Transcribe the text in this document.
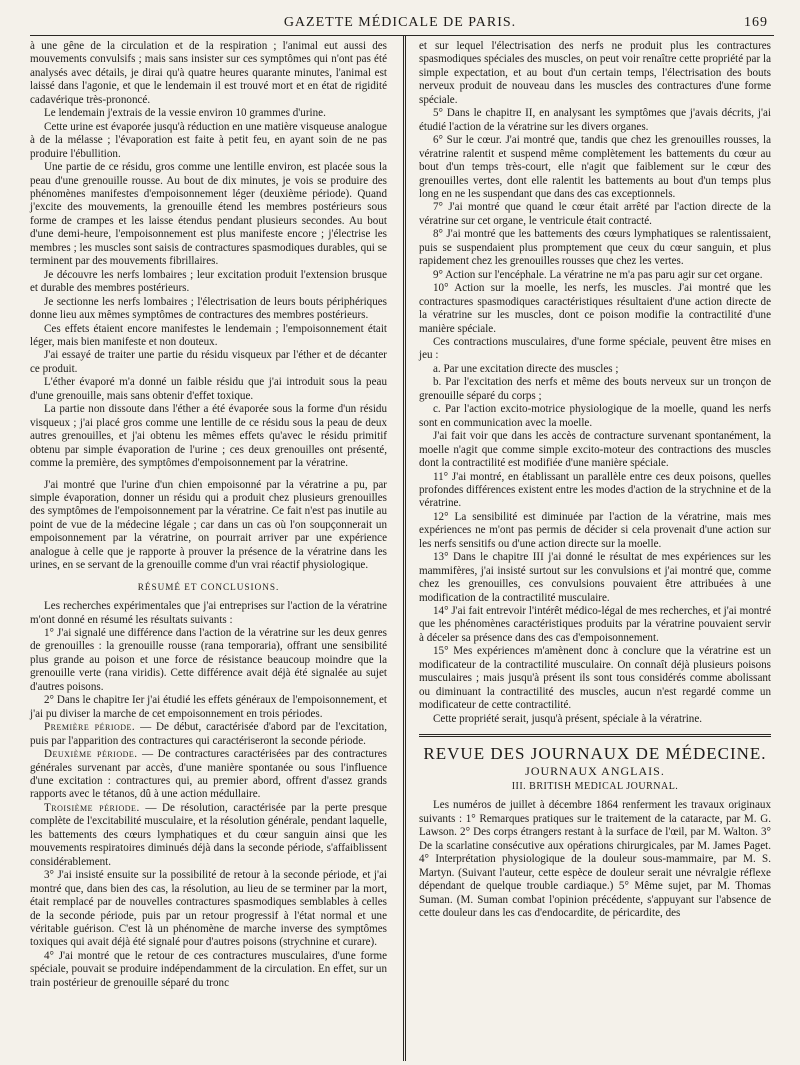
GAZETTE MÉDICALE DE PARIS.	169

à une gêne de la circulation et de la respiration ; l'animal eut aussi des mouvements convulsifs ; mais sans insister sur ces symptômes qui n'ont pas été analysés avec détails, je dirai qu'à quatre heures quarante minutes, l'animal est laissé dans l'agonie, et que le lendemain il est trouvé mort et en état de rigidité cadavérique très-prononcé.

Le lendemain j'extrais de la vessie environ 10 grammes d'urine.

Cette urine est évaporée jusqu'à réduction en une matière visqueuse analogue à de la mélasse ; l'évaporation est faite à petit feu, en ayant soin de ne pas produire l'ébullition.

Une partie de ce résidu, gros comme une lentille environ, est placée sous la peau d'une grenouille rousse. Au bout de dix minutes, je vois se produire des phénomènes manifestes d'empoisonnement léger (deuxième période). Quand j'excite des mouvements, la grenouille étend les membres postérieurs sous forme de crampes et les laisse étendus pendant plusieurs secondes. Au bout d'une demi-heure, l'empoisonnement est plus manifeste encore ; j'électrise les membres ; les muscles sont saisis de contractures spasmodiques durables, qui se terminent par des mouvements fibrillaires.

Je découvre les nerfs lombaires ; leur excitation produit l'extension brusque et durable des membres postérieurs.

Je sectionne les nerfs lombaires ; l'électrisation de leurs bouts périphériques donne lieu aux mêmes symptômes de contractures des membres postérieurs.

Ces effets étaient encore manifestes le lendemain ; l'empoisonnement était léger, mais bien manifeste et non douteux.

J'ai essayé de traiter une partie du résidu visqueux par l'éther et de décanter ce produit.

L'éther évaporé m'a donné un faible résidu que j'ai introduit sous la peau d'une grenouille, mais sans obtenir d'effet toxique.

La partie non dissoute dans l'éther a été évaporée sous la forme d'un résidu visqueux ; j'ai placé gros comme une lentille de ce résidu sous la peau de deux autres grenouilles, et j'ai obtenu les mêmes effets qu'avec le résidu primitif obtenu par simple évaporation de l'urine ; ces deux grenouilles ont présenté, comme la première, des symptômes d'empoisonnement par la vératrine.

J'ai montré que l'urine d'un chien empoisonné par la vératrine a pu, par simple évaporation, donner un résidu qui a produit chez plusieurs grenouilles des symptômes de l'empoisonnement par la vératrine. Ce fait n'est pas inutile au point de vue de la médecine légale ; car dans un cas où l'on soupçonnerait un empoisonnement par la vératrine, on pourrait arriver par une expérience analogue à celle que je rapporte à prouver la présence de la vératrine dans les urines, en se servant de la grenouille comme d'un vrai réactif physiologique.

RÉSUMÉ ET CONCLUSIONS.

Les recherches expérimentales que j'ai entreprises sur l'action de la vératrine m'ont donné en résumé les résultats suivants :

1° J'ai signalé une différence dans l'action de la vératrine sur les deux genres de grenouilles : la grenouille rousse (rana temporaria), offrant une sensibilité plus grande au poison et une force de résistance beaucoup moindre que la grenouille verte (rana viridis). Cette différence avait déjà été signalée au sujet d'autres poisons.

2° Dans le chapitre Ier j'ai étudié les effets généraux de l'empoisonnement, et j'ai pu diviser la marche de cet empoisonnement en trois périodes.

Première période. — De début, caractérisée d'abord par de l'excitation, puis par l'apparition des contractures qui caractériseront la seconde période.

Deuxième période. — De contractures caractérisées par des contractures générales survenant par accès, d'une manière spontanée ou sous l'influence d'une excitation : contractures qui, au premier abord, offrent d'assez grands rapports avec le tétanos, dû à une action médullaire.

Troisième période. — De résolution, caractérisée par la perte presque complète de l'excitabilité musculaire, et la résolution générale, pendant laquelle, les battements des cœurs lymphatiques et du cœur sanguin ainsi que les mouvements respiratoires diminués déjà dans la seconde période, s'affaiblissent considérablement.

3° J'ai insisté ensuite sur la possibilité de retour à la seconde période, et j'ai montré que, dans bien des cas, la résolution, au lieu de se terminer par la mort, était remplacé par de nouvelles contractures spasmodiques semblables à celles de la seconde période, puis par un retour progressif à l'état normal et une véritable guérison. C'est là un phénomène de marche inverse des symptômes toxiques qui avait déjà été signalé pour d'autres poisons (strychnine et curare).

4° J'ai montré que le retour de ces contractures musculaires, d'une forme spéciale, pouvait se produire indépendamment de la circulation. En effet, sur un train postérieur de grenouille séparé du tronc

et sur lequel l'électrisation des nerfs ne produit plus les contractures spasmodiques spéciales des muscles, on peut voir renaître cette propriété par la simple expectation, et au bout d'un certain temps, l'électrisation des bouts nerveux produit de nouveau dans les muscles des contractures d'une forme spéciale.

5° Dans le chapitre II, en analysant les symptômes que j'avais décrits, j'ai étudié l'action de la vératrine sur les divers organes.

6° Sur le cœur. J'ai montré que, tandis que chez les grenouilles rousses, la vératrine ralentit et suspend même complètement les battements du cœur au bout d'un temps très-court, elle n'agit que faiblement sur le cœur des grenouilles vertes, dont elle ralentit les battements au bout d'un temps plus long en ne les suspendant que dans des cas exceptionnels.

7° J'ai montré que quand le cœur était arrêté par l'action directe de la vératrine sur cet organe, le ventricule était contracté.

8° J'ai montré que les battements des cœurs lymphatiques se ralentissaient, puis se suspendaient plus promptement que ceux du cœur sanguin, et plus rapidement chez les grenouilles rousses que chez les vertes.

9° Action sur l'encéphale. La vératrine ne m'a pas paru agir sur cet organe.

10° Action sur la moelle, les nerfs, les muscles. J'ai montré que les contractures spasmodiques caractéristiques résultaient d'une action directe de la vératrine sur les muscles, dont ce poison modifie la contractilité d'une manière spéciale.

Ces contractions musculaires, d'une forme spéciale, peuvent être mises en jeu :

a. Par une excitation directe des muscles ;

b. Par l'excitation des nerfs et même des bouts nerveux sur un tronçon de grenouille séparé du corps ;

c. Par l'action excito-motrice physiologique de la moelle, quand les nerfs sont en communication avec la moelle.

J'ai fait voir que dans les accès de contracture survenant spontanément, la moelle n'agit que comme simple excito-moteur des contractions des muscles dont la contractilité est modifiée d'une manière spéciale.

11° J'ai montré, en établissant un parallèle entre ces deux poisons, quelles profondes différences existent entre les modes d'action de la strychnine et de la vératrine.

12° La sensibilité est diminuée par l'action de la vératrine, mais mes expériences ne m'ont pas permis de décider si cela provenait d'une action sur les nerfs sensitifs ou d'une action directe sur la moelle.

13° Dans le chapitre III j'ai donné le résultat de mes expériences sur les mammifères, j'ai insisté surtout sur les convulsions et j'ai montré que, comme chez les grenouilles, ces convulsions pouvaient être attribuées à une modification de la contractilité musculaire.

14° J'ai fait entrevoir l'intérêt médico-légal de mes recherches, et j'ai montré que les phénomènes caractéristiques produits par la vératrine pouvaient servir à déceler sa présence dans des cas d'empoisonnement.

15° Mes expériences m'amènent donc à conclure que la vératrine est un modificateur de la contractilité musculaire. On connaît déjà plusieurs poisons musculaires ; mais jusqu'à présent ils sont tous considérés comme abolissant ou diminuant la contractilité des muscles, aucun n'est regardé comme un modificateur de cette contractilité.

Cette propriété serait, jusqu'à présent, spéciale à la vératrine.

REVUE DES JOURNAUX DE MÉDECINE.
JOURNAUX ANGLAIS.
III. BRITISH MEDICAL JOURNAL.

Les numéros de juillet à décembre 1864 renferment les travaux originaux suivants : 1° Remarques pratiques sur le traitement de la cataracte, par M. G. Lawson. 2° Des corps étrangers restant à la surface de l'œil, par M. Walton. 3° De la scarlatine consécutive aux opérations chirurgicales, par M. James Paget. 4° Interprétation physiologique de la douleur sous-mammaire, par M. S. Martyn. (Suivant l'auteur, cette espèce de douleur serait une névralgie réflexe dépendant de quelque trouble cardiaque.) 5° Même sujet, par M. Thomas Suman. (M. Suman combat l'opinion précédente, s'appuyant sur l'absence de cette douleur dans les cas d'endocardite, de péricardite, des
